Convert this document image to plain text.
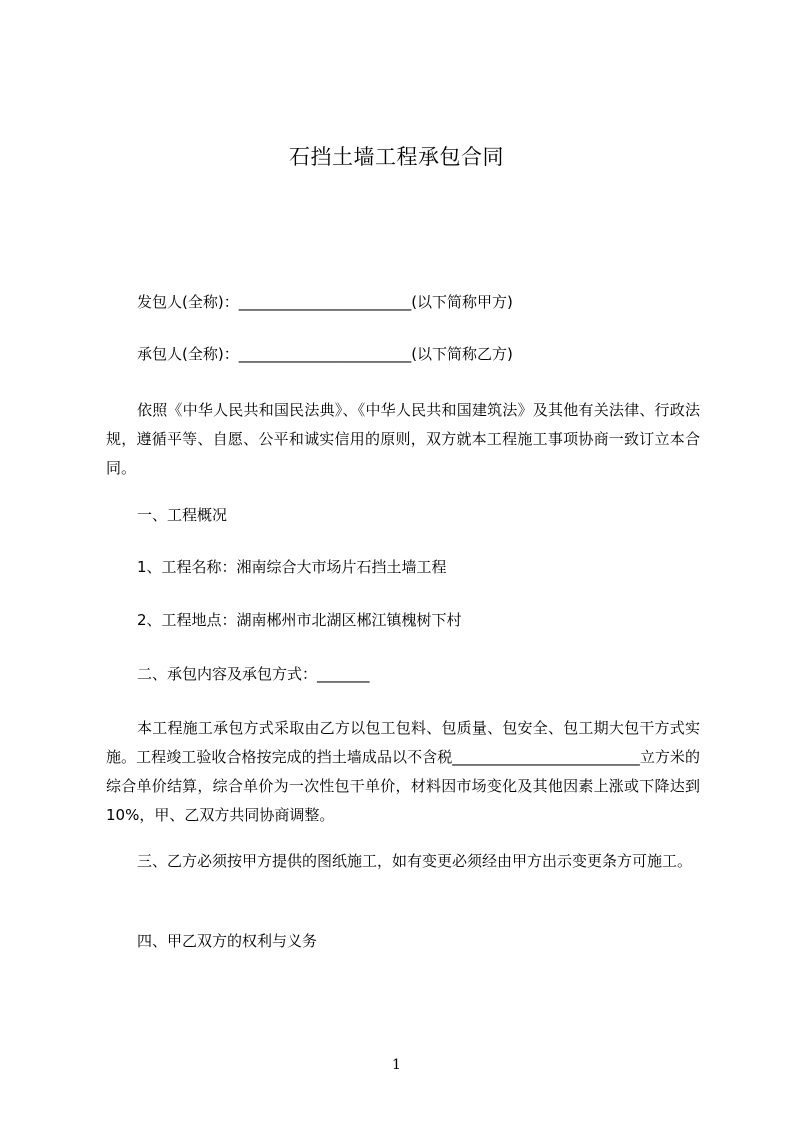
石挡土墙工程承包合同
发包人(全称)：_______________________(以下简称甲方)
承包人(全称)：_______________________(以下简称乙方)

依照《中华人民共和国民法典》、《中华人民共和国建筑法》及其他有关法律、行政法规，遵循平等、自愿、公平和诚实信用的原则，双方就本工程施工事项协商一致订立本合同。

一、工程概况
1、工程名称：湘南综合大市场片石挡土墙工程
2、工程地点：湖南郴州市北湖区郴江镇槐树下村
二、承包内容及承包方式：_______

本工程施工承包方式采取由乙方以包工包料、包质量、包安全、包工期大包干方式实施。工程竣工验收合格按完成的挡土墙成品以不含税_________________________立方米的综合单价结算，综合单价为一次性包干单价，材料因市场变化及其他因素上涨或下降达到10%，甲、乙双方共同协商调整。

三、乙方必须按甲方提供的图纸施工，如有变更必须经由甲方出示变更条方可施工。

四、甲乙双方的权利与义务
1
